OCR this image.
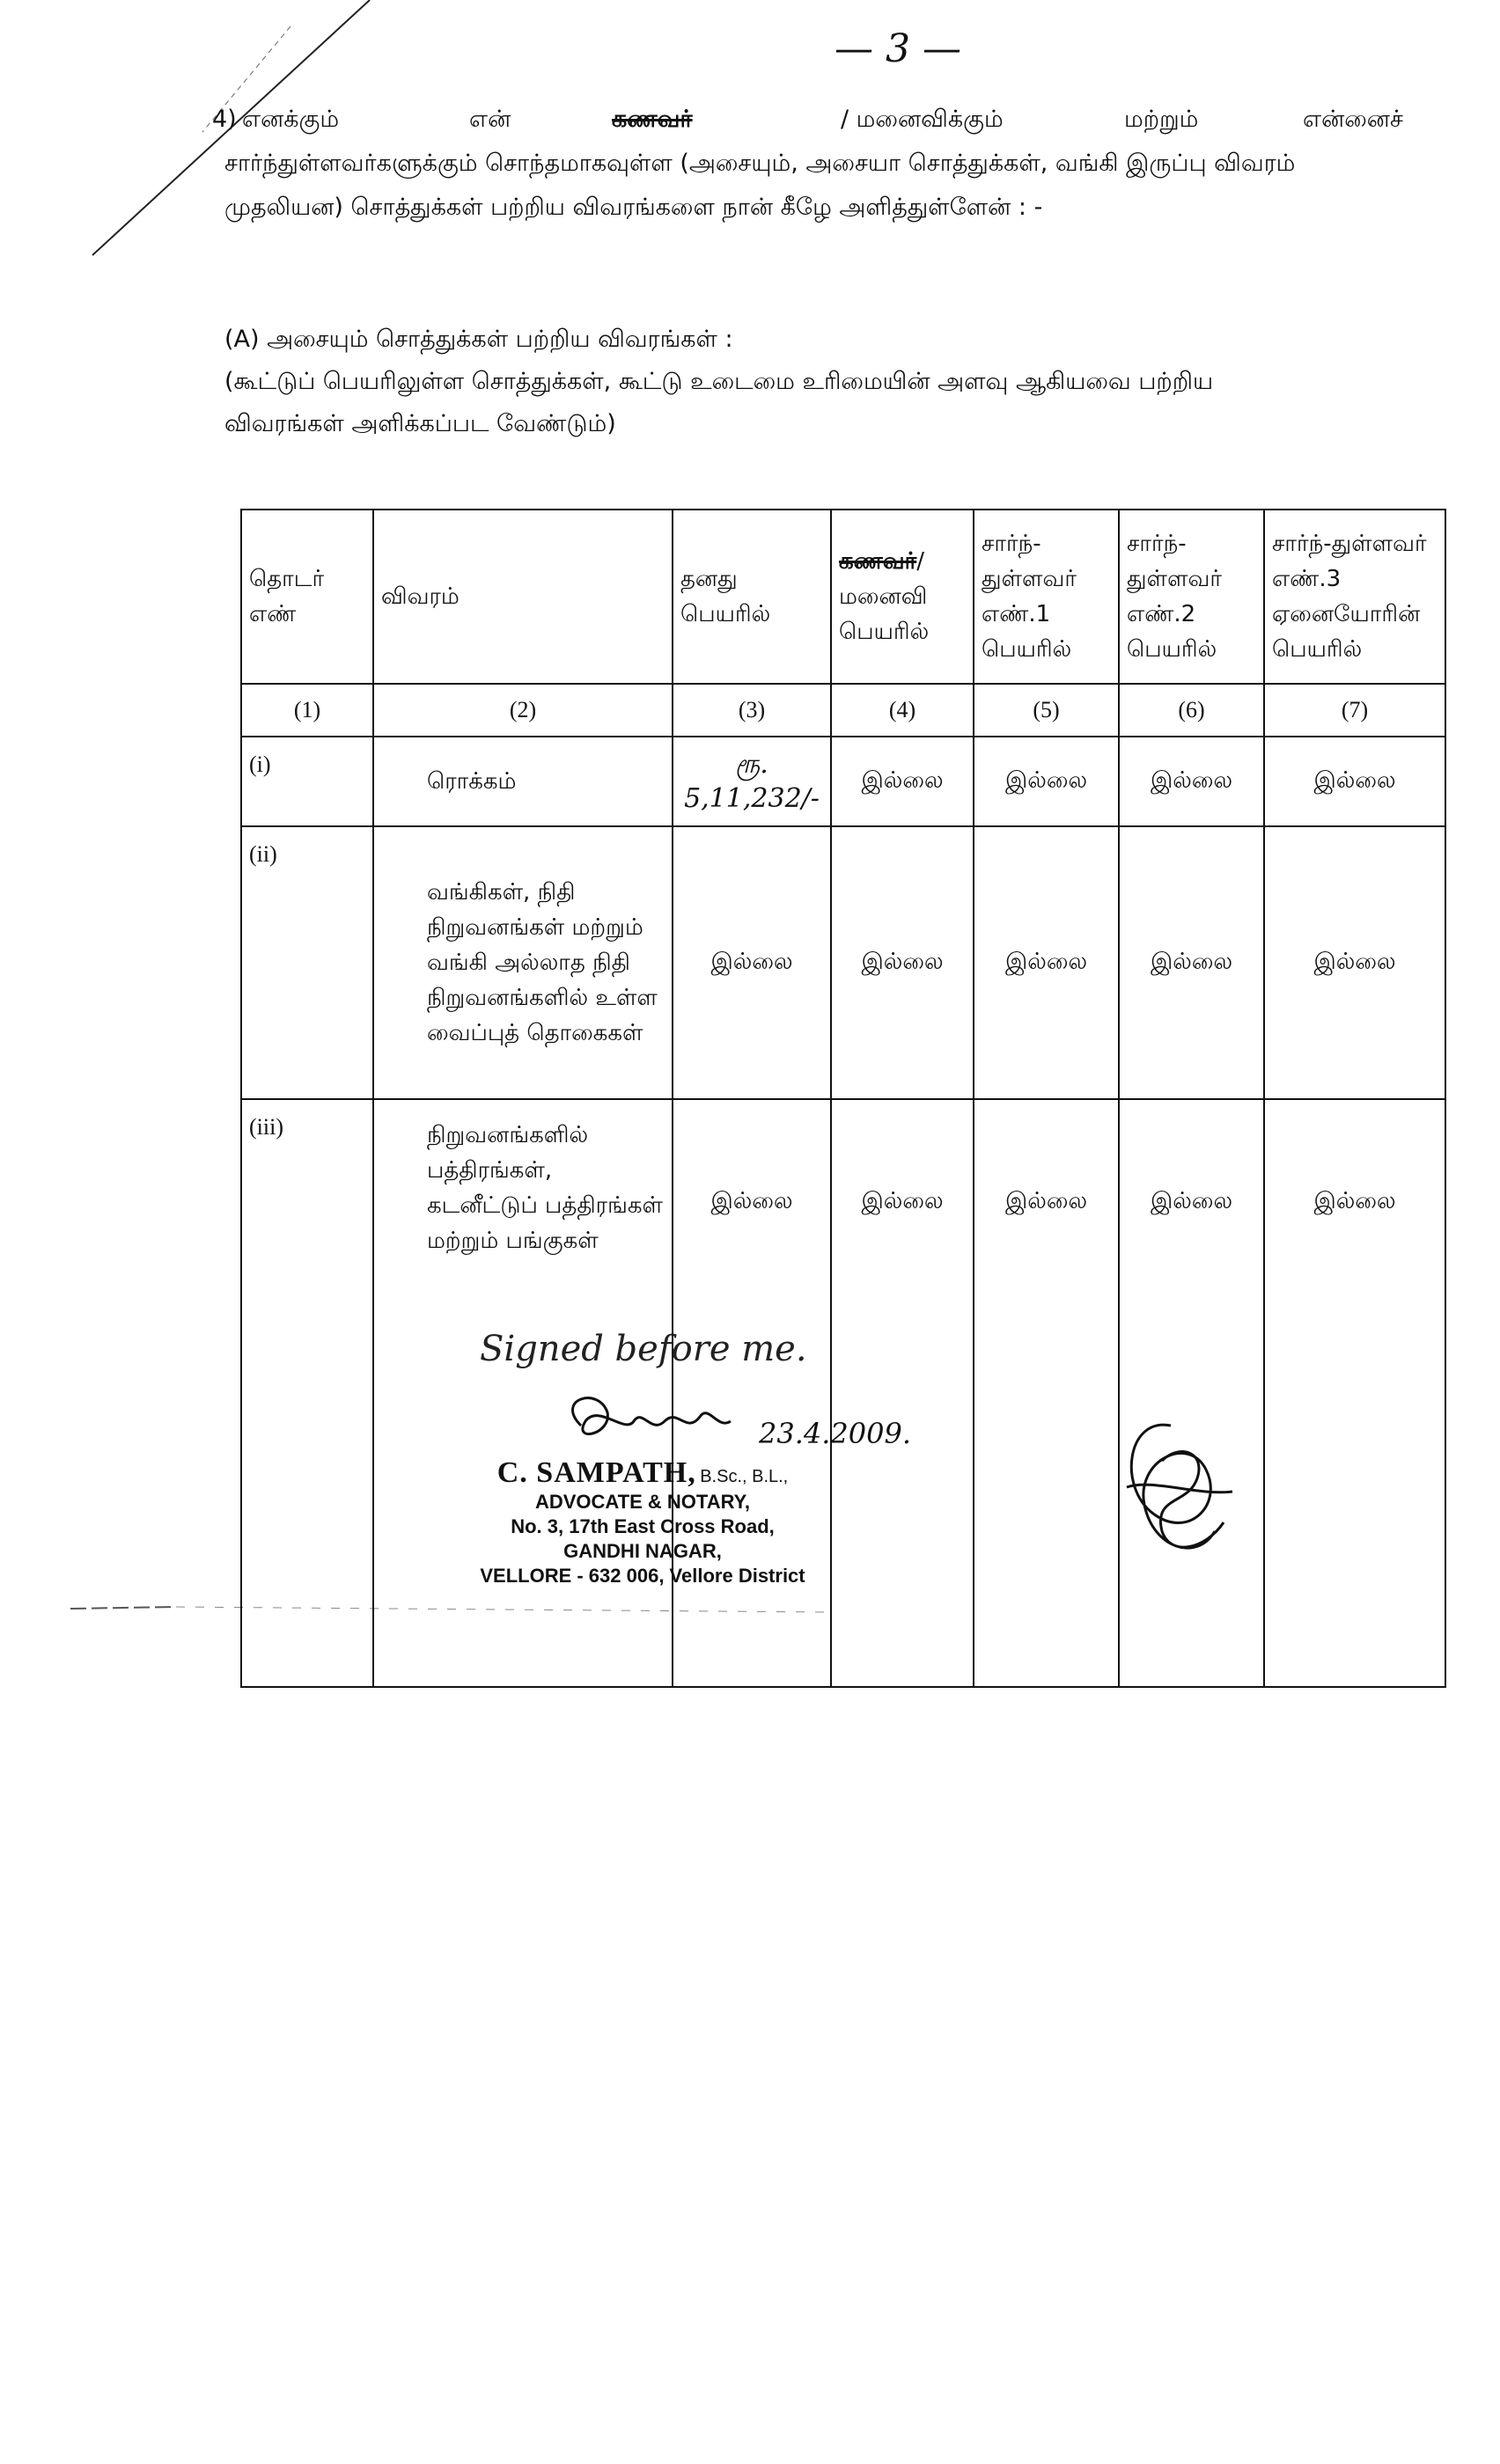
— 3 —
4) எனக்கும்	என்	கணவர்	/ மனைவிக்கும்	மற்றும்	என்னைச்
சார்ந்துள்ளவர்களுக்கும் சொந்தமாகவுள்ள (அசையும், அசையா சொத்துக்கள், வங்கி இருப்பு விவரம்
முதலியன) சொத்துக்கள் பற்றிய விவரங்களை நான் கீழே அளித்துள்ளேன் : -
(A) அசையும் சொத்துக்கள் பற்றிய விவரங்கள் :
(கூட்டுப் பெயரிலுள்ள சொத்துக்கள், கூட்டு உடைமை உரிமையின் அளவு ஆகியவை பற்றிய
விவரங்கள் அளிக்கப்பட வேண்டும்)
தொடர் எண்	விவரம்	தனது பெயரில்	கணவர்/ மனைவி பெயரில்	சார்ந்-துள்ளவர் எண்.1 பெயரில்	சார்ந்-துள்ளவர் எண்.2 பெயரில்	சார்ந்-துள்ளவர் எண்.3 ஏனையோரின் பெயரில்
(1)	(2)	(3)	(4)	(5)	(6)	(7)
(i)	ரொக்கம்	ரூ. 5,11,232/-	இல்லை	இல்லை	இல்லை	இல்லை
(ii)	வங்கிகள், நிதி நிறுவனங்கள் மற்றும் வங்கி அல்லாத நிதி நிறுவனங்களில் உள்ள வைப்புத் தொகைகள்	இல்லை	இல்லை	இல்லை	இல்லை	இல்லை
(iii)	நிறுவனங்களில் பத்திரங்கள், கடனீட்டுப் பத்திரங்கள் மற்றும் பங்குகள்	இல்லை	இல்லை	இல்லை	இல்லை	இல்லை
Signed before me.
23.4.2009.
C. SAMPATH, B.Sc., B.L.,
ADVOCATE & NOTARY,
No. 3, 17th East Cross Road,
GANDHI NAGAR,
VELLORE - 632 006, Vellore District
